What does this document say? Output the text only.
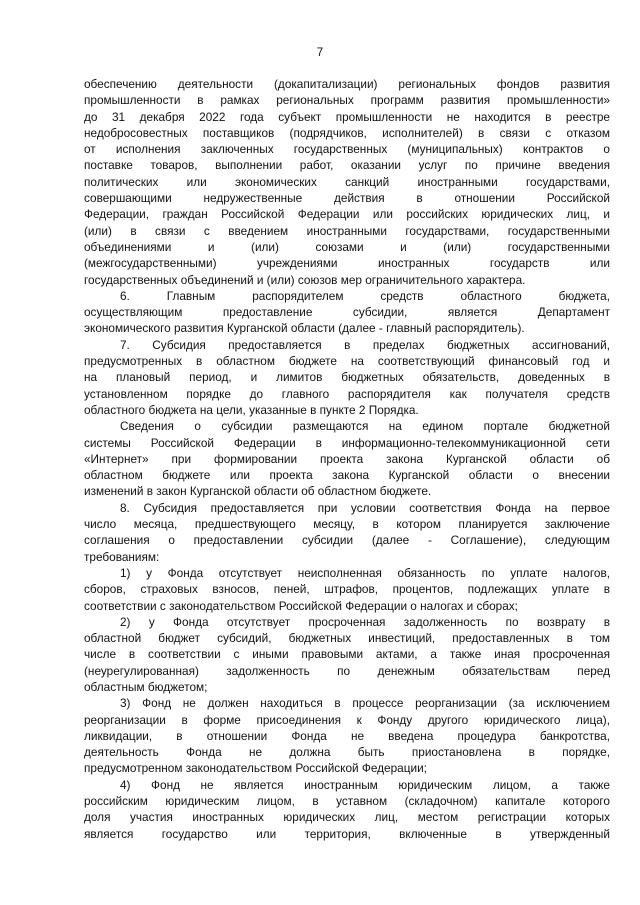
7
обеспечению деятельности (докапитализации) региональных фондов развития
промышленности в рамках региональных программ развития промышленности»
до 31 декабря 2022 года субъект промышленности не находится в реестре
недобросовестных поставщиков (подрядчиков, исполнителей) в связи с отказом
от исполнения заключенных государственных (муниципальных) контрактов о
поставке товаров, выполнении работ, оказании услуг по причине введения
политических или экономических санкций иностранными государствами,
совершающими недружественные действия в отношении Российской
Федерации, граждан Российской Федерации или российских юридических лиц, и
(или) в связи с введением иностранными государствами, государственными
объединениями и (или) союзами и (или) государственными
(межгосударственными) учреждениями иностранных государств или
государственных объединений и (или) союзов мер ограничительного характера.
6. Главным распорядителем средств областного бюджета,
осуществляющим предоставление субсидии, является Департамент
экономического развития Курганской области (далее - главный распорядитель).
7. Субсидия предоставляется в пределах бюджетных ассигнований,
предусмотренных в областном бюджете на соответствующий финансовый год и
на плановый период, и лимитов бюджетных обязательств, доведенных в
установленном порядке до главного распорядителя как получателя средств
областного бюджета на цели, указанные в пункте 2 Порядка.
Сведения о субсидии размещаются на едином портале бюджетной
системы Российской Федерации в информационно-телекоммуникационной сети
«Интернет» при формировании проекта закона Курганской области об
областном бюджете или проекта закона Курганской области о внесении
изменений в закон Курганской области об областном бюджете.
8. Субсидия предоставляется при условии соответствия Фонда на первое
число месяца, предшествующего месяцу, в котором планируется заключение
соглашения о предоставлении субсидии (далее - Соглашение), следующим
требованиям:
1) у Фонда отсутствует неисполненная обязанность по уплате налогов,
сборов, страховых взносов, пеней, штрафов, процентов, подлежащих уплате в
соответствии с законодательством Российской Федерации о налогах и сборах;
2) у Фонда отсутствует просроченная задолженность по возврату в
областной бюджет субсидий, бюджетных инвестиций, предоставленных в том
числе в соответствии с иными правовыми актами, а также иная просроченная
(неурегулированная) задолженность по денежным обязательствам перед
областным бюджетом;
3) Фонд не должен находиться в процессе реорганизации (за исключением
реорганизации в форме присоединения к Фонду другого юридического лица),
ликвидации, в отношении Фонда не введена процедура банкротства,
деятельность Фонда не должна быть приостановлена в порядке,
предусмотренном законодательством Российской Федерации;
4) Фонд не является иностранным юридическим лицом, а также
российским юридическим лицом, в уставном (складочном) капитале которого
доля участия иностранных юридических лиц, местом регистрации которых
является государство или территория, включенные в утвержденный
